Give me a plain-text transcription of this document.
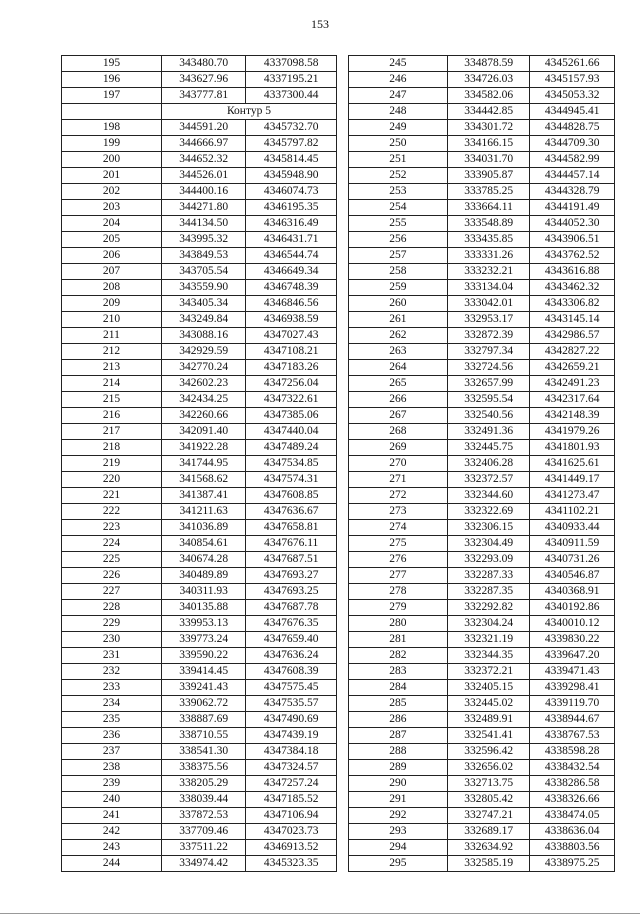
153
195	343480.70	4337098.58
196	343627.96	4337195.21
197	343777.81	4337300.44
	Контур 5	
198	344591.20	4345732.70
199	344666.97	4345797.82
200	344652.32	4345814.45
201	344526.01	4345948.90
202	344400.16	4346074.73
203	344271.80	4346195.35
204	344134.50	4346316.49
205	343995.32	4346431.71
206	343849.53	4346544.74
207	343705.54	4346649.34
208	343559.90	4346748.39
209	343405.34	4346846.56
210	343249.84	4346938.59
211	343088.16	4347027.43
212	342929.59	4347108.21
213	342770.24	4347183.26
214	342602.23	4347256.04
215	342434.25	4347322.61
216	342260.66	4347385.06
217	342091.40	4347440.04
218	341922.28	4347489.24
219	341744.95	4347534.85
220	341568.62	4347574.31
221	341387.41	4347608.85
222	341211.63	4347636.67
223	341036.89	4347658.81
224	340854.61	4347676.11
225	340674.28	4347687.51
226	340489.89	4347693.27
227	340311.93	4347693.25
228	340135.88	4347687.78
229	339953.13	4347676.35
230	339773.24	4347659.40
231	339590.22	4347636.24
232	339414.45	4347608.39
233	339241.43	4347575.45
234	339062.72	4347535.57
235	338887.69	4347490.69
236	338710.55	4347439.19
237	338541.30	4347384.18
238	338375.56	4347324.57
239	338205.29	4347257.24
240	338039.44	4347185.52
241	337872.53	4347106.94
242	337709.46	4347023.73
243	337511.22	4346913.52
244	334974.42	4345323.35
245	334878.59	4345261.66
246	334726.03	4345157.93
247	334582.06	4345053.32
248	334442.85	4344945.41
249	334301.72	4344828.75
250	334166.15	4344709.30
251	334031.70	4344582.99
252	333905.87	4344457.14
253	333785.25	4344328.79
254	333664.11	4344191.49
255	333548.89	4344052.30
256	333435.85	4343906.51
257	333331.26	4343762.52
258	333232.21	4343616.88
259	333134.04	4343462.32
260	333042.01	4343306.82
261	332953.17	4343145.14
262	332872.39	4342986.57
263	332797.34	4342827.22
264	332724.56	4342659.21
265	332657.99	4342491.23
266	332595.54	4342317.64
267	332540.56	4342148.39
268	332491.36	4341979.26
269	332445.75	4341801.93
270	332406.28	4341625.61
271	332372.57	4341449.17
272	332344.60	4341273.47
273	332322.69	4341102.21
274	332306.15	4340933.44
275	332304.49	4340911.59
276	332293.09	4340731.26
277	332287.33	4340546.87
278	332287.35	4340368.91
279	332292.82	4340192.86
280	332304.24	4340010.12
281	332321.19	4339830.22
282	332344.35	4339647.20
283	332372.21	4339471.43
284	332405.15	4339298.41
285	332445.02	4339119.70
286	332489.91	4338944.67
287	332541.41	4338767.53
288	332596.42	4338598.28
289	332656.02	4338432.54
290	332713.75	4338286.58
291	332805.42	4338326.66
292	332747.21	4338474.05
293	332689.17	4338636.04
294	332634.92	4338803.56
295	332585.19	4338975.25
